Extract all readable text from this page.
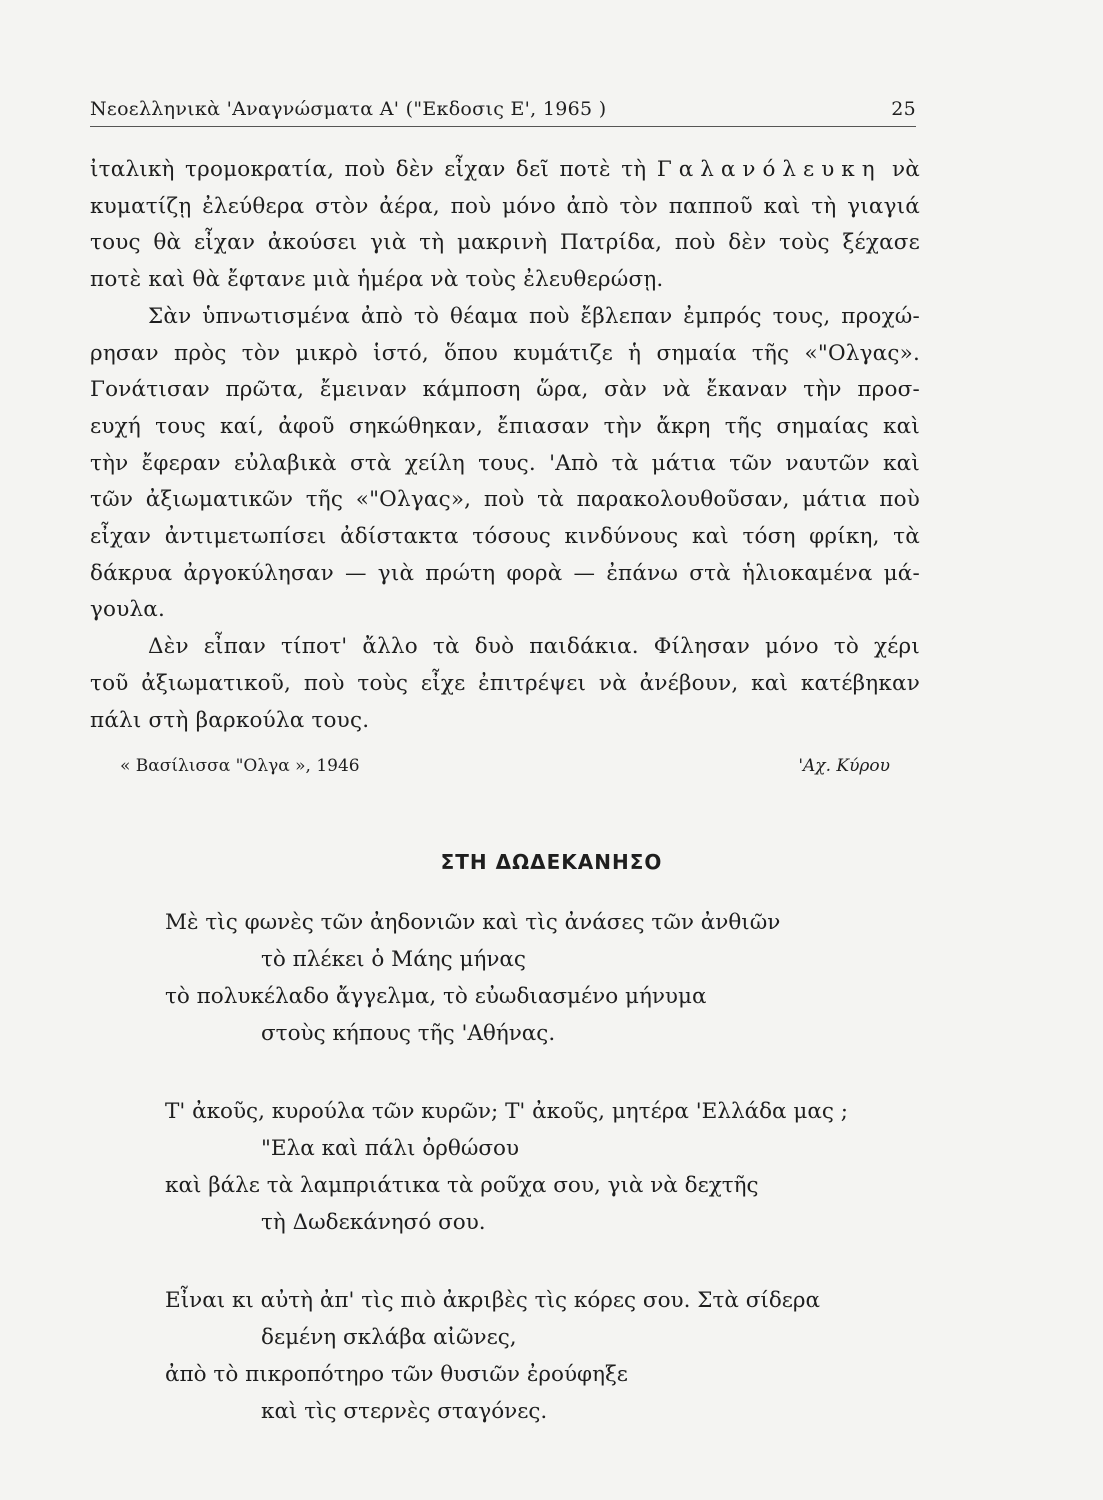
Νεοελληνικὰ 'Αναγνώσματα Α' ("Εκδοσις Ε', 1965 )	25
ἰταλικὴ τρομοκρατία, ποὺ δὲν εἶχαν δεῖ ποτὲ τὴ Γαλανόλευκη νὰ
κυματίζῃ ἐλεύθερα στὸν ἀέρα, ποὺ μόνο ἀπὸ τὸν παπποῦ καὶ τὴ γιαγιά
τους θὰ εἶχαν ἀκούσει γιὰ τὴ μακρινὴ Πατρίδα, ποὺ δὲν τοὺς ξέχασε
ποτὲ καὶ θὰ ἔφτανε μιὰ ἡμέρα νὰ τοὺς ἐλευθερώσῃ.
Σὰν ὑπνωτισμένα ἀπὸ τὸ θέαμα ποὺ ἔβλεπαν ἐμπρός τους, προχώ-
ρησαν πρὸς τὸν μικρὸ ἱστό, ὅπου κυμάτιζε ἡ σημαία τῆς «"Ολγας».
Γονάτισαν πρῶτα, ἔμειναν κάμποση ὥρα, σὰν νὰ ἔκαναν τὴν προσ-
ευχή τους καί, ἀφοῦ σηκώθηκαν, ἔπιασαν τὴν ἄκρη τῆς σημαίας καὶ
τὴν ἔφεραν εὐλαβικὰ στὰ χείλη τους. 'Απὸ τὰ μάτια τῶν ναυτῶν καὶ
τῶν ἀξιωματικῶν τῆς «"Ολγας», ποὺ τὰ παρακολουθοῦσαν, μάτια ποὺ
εἶχαν ἀντιμετωπίσει ἀδίστακτα τόσους κινδύνους καὶ τόση φρίκη, τὰ
δάκρυα ἀργοκύλησαν — γιὰ πρώτη φορὰ — ἐπάνω στὰ ἡλιοκαμένα μά-
γουλα.
Δὲν εἶπαν τίποτ' ἄλλο τὰ δυὸ παιδάκια. Φίλησαν μόνο τὸ χέρι
τοῦ ἀξιωματικοῦ, ποὺ τοὺς εἶχε ἐπιτρέψει νὰ ἀνέβουν, καὶ κατέβηκαν
πάλι στὴ βαρκούλα τους.
« Βασίλισσα "Ολγα », 1946	'Αχ. Κύρου
ΣΤΗ ΔΩΔΕΚΑΝΗΣΟ
Μὲ τὶς φωνὲς τῶν ἀηδονιῶν καὶ τὶς ἀνάσες τῶν ἀνθιῶν
τὸ πλέκει ὁ Μάης μήνας
τὸ πολυκέλαδο ἄγγελμα, τὸ εὐωδιασμένο μήνυμα
στοὺς κήπους τῆς 'Αθήνας.
Τ' ἀκοῦς, κυρούλα τῶν κυρῶν; Τ' ἀκοῦς, μητέρα 'Ελλάδα μας ;
"Ελα καὶ πάλι ὀρθώσου
καὶ βάλε τὰ λαμπριάτικα τὰ ροῦχα σου, γιὰ νὰ δεχτῆς
τὴ Δωδεκάνησό σου.
Εἶναι κι αὐτὴ ἀπ' τὶς πιὸ ἀκριβὲς τὶς κόρες σου. Στὰ σίδερα
δεμένη σκλάβα αἰῶνες,
ἀπὸ τὸ πικροπότηρο τῶν θυσιῶν ἐρούφηξε
καὶ τὶς στερνὲς σταγόνες.
